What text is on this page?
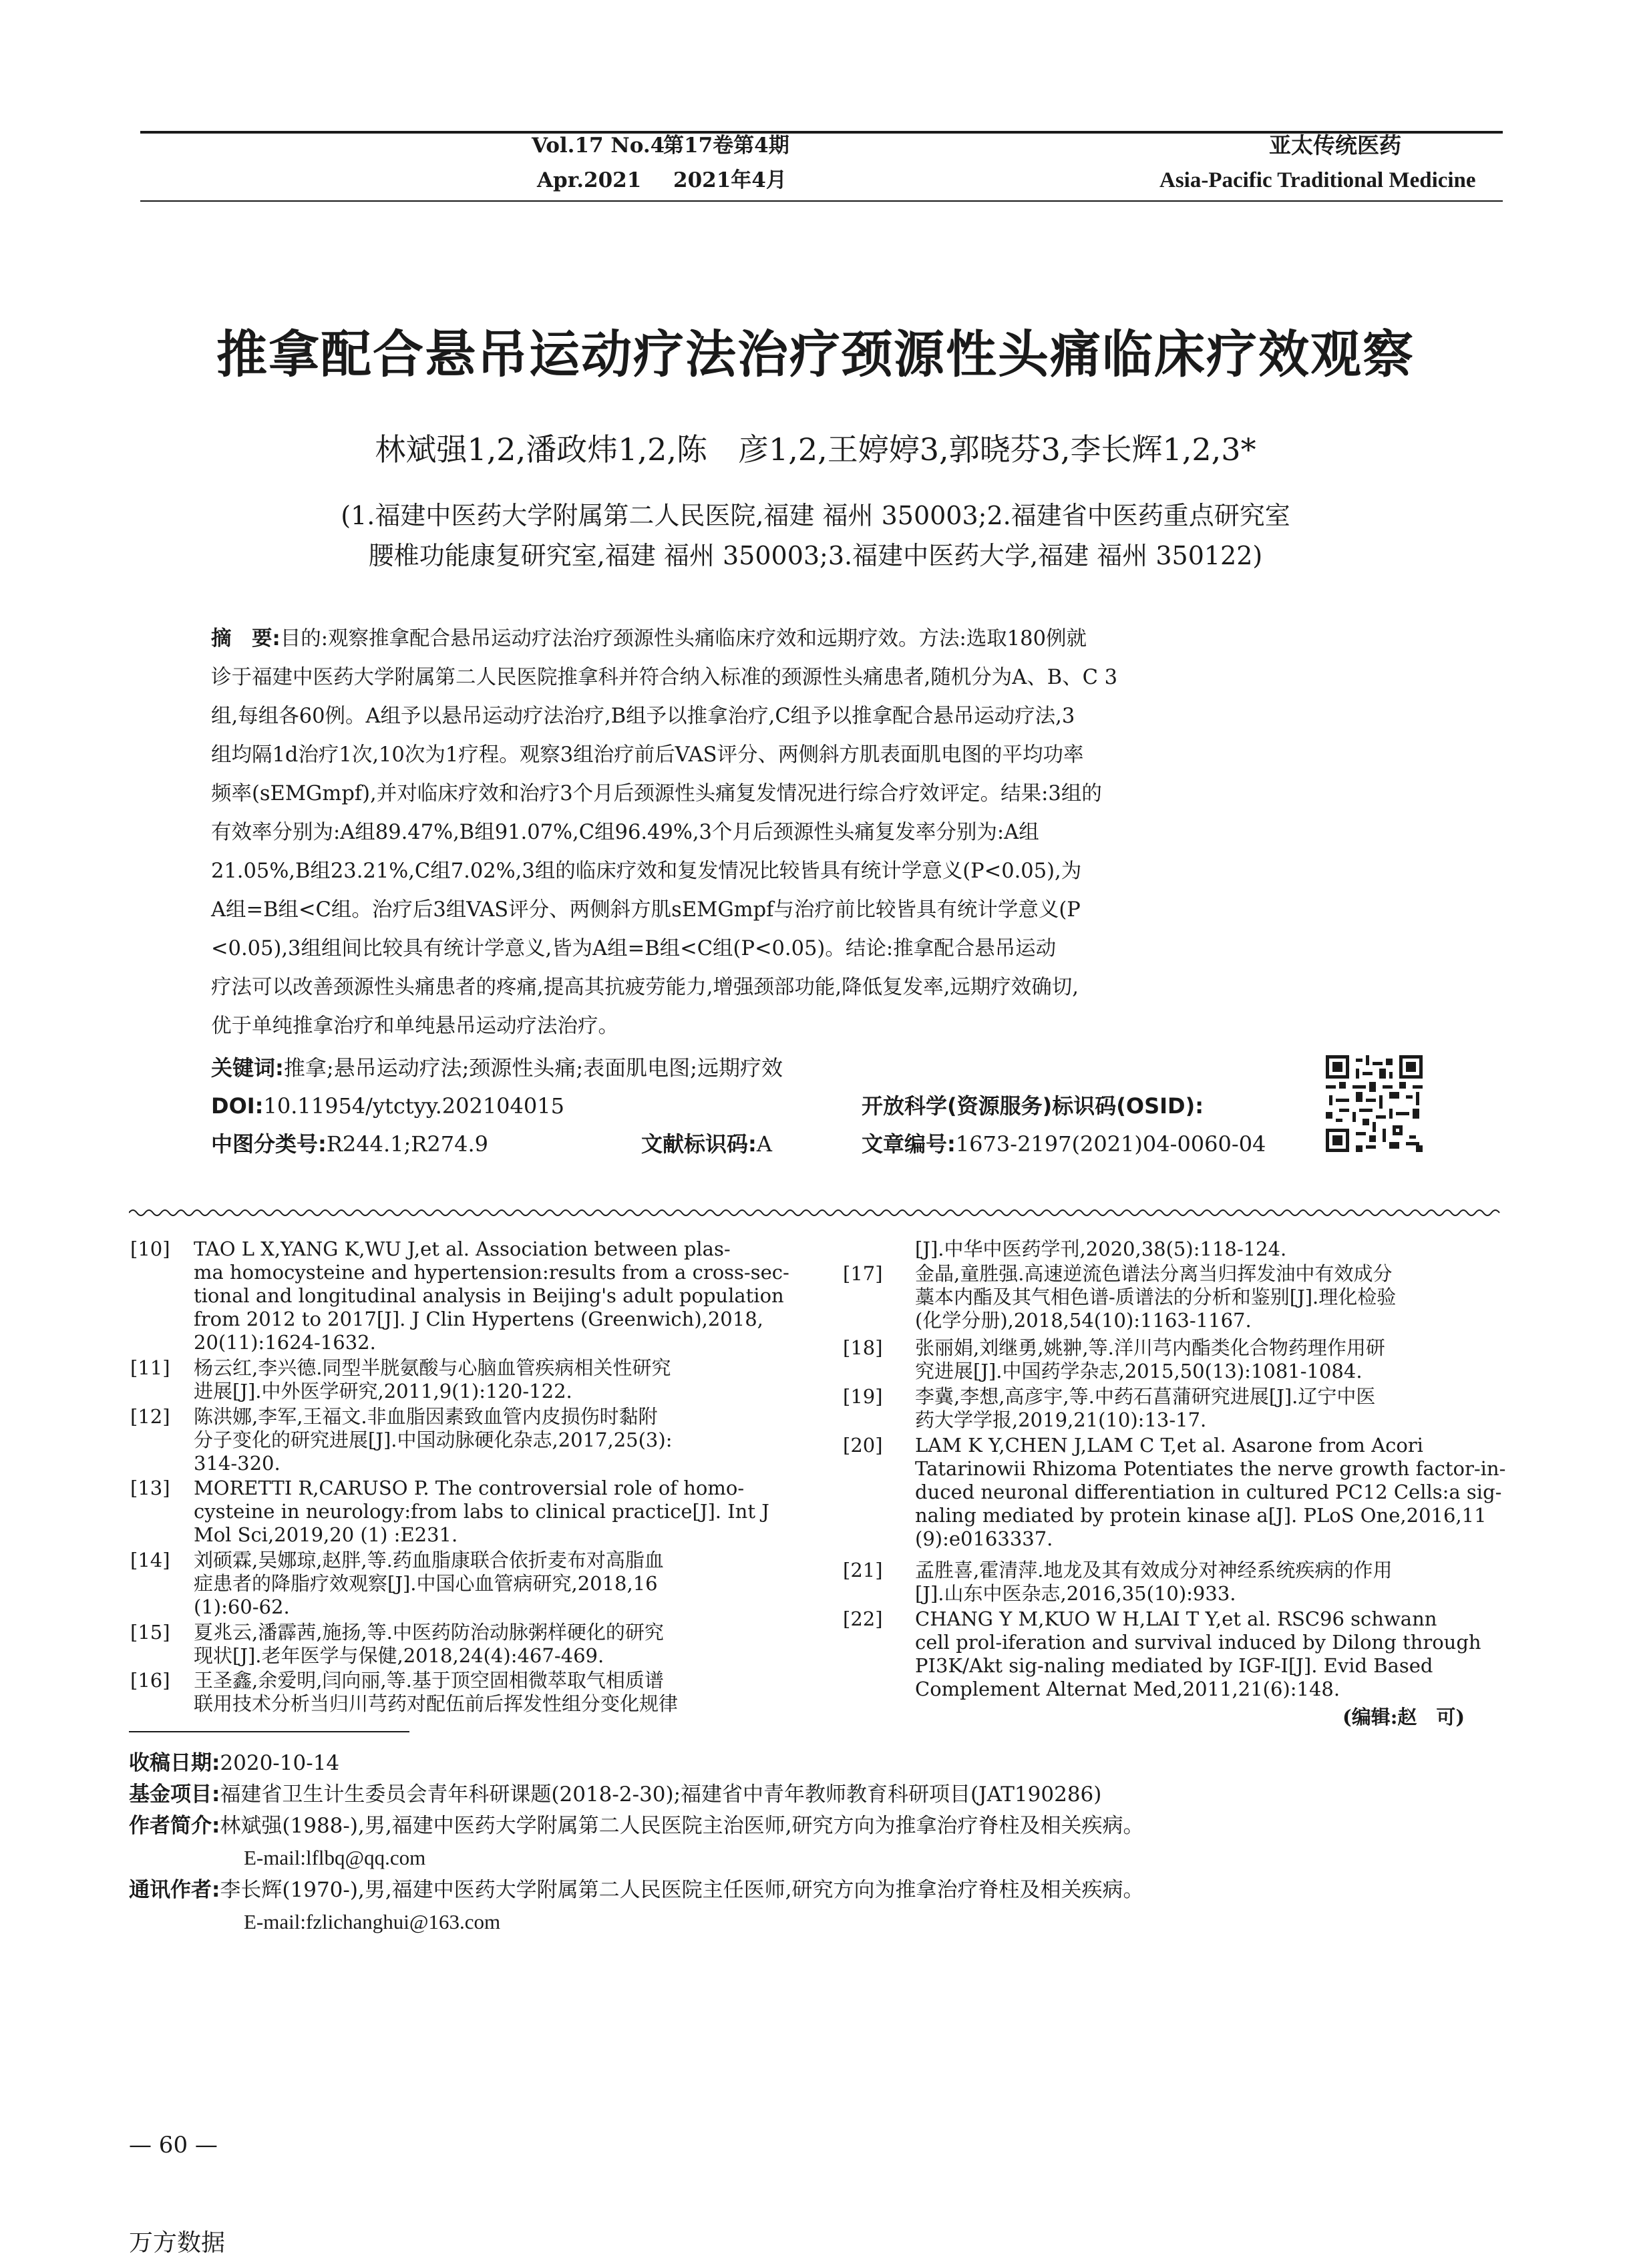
Vol.17 No.4
第17卷第4期
Apr.2021 2021年4月
亚太传统医药
Asia-Pacific Traditional Medicine
推拿配合悬吊运动疗法治疗颈源性头痛临床疗效观察
林斌强1,2,潘政炜1,2,陈　彦1,2,王婷婷3,郭晓芬3,李长辉1,2,3*
(1.福建中医药大学附属第二人民医院,福建 福州 350003;2.福建省中医药重点研究室
腰椎功能康复研究室,福建 福州 350003;3.福建中医药大学,福建 福州 350122)
摘　要:目的:观察推拿配合悬吊运动疗法治疗颈源性头痛临床疗效和远期疗效。方法:选取180例就
诊于福建中医药大学附属第二人民医院推拿科并符合纳入标准的颈源性头痛患者,随机分为A、B、C 3
组,每组各60例。A组予以悬吊运动疗法治疗,B组予以推拿治疗,C组予以推拿配合悬吊运动疗法,3
组均隔1d治疗1次,10次为1疗程。观察3组治疗前后VAS评分、两侧斜方肌表面肌电图的平均功率
频率(sEMGmpf),并对临床疗效和治疗3个月后颈源性头痛复发情况进行综合疗效评定。结果:3组的
有效率分别为:A组89.47%,B组91.07%,C组96.49%,3个月后颈源性头痛复发率分别为:A组
21.05%,B组23.21%,C组7.02%,3组的临床疗效和复发情况比较皆具有统计学意义(P<0.05),为
A组=B组<C组。治疗后3组VAS评分、两侧斜方肌sEMGmpf与治疗前比较皆具有统计学意义(P
<0.05),3组组间比较具有统计学意义,皆为A组=B组<C组(P<0.05)。结论:推拿配合悬吊运动
疗法可以改善颈源性头痛患者的疼痛,提高其抗疲劳能力,增强颈部功能,降低复发率,远期疗效确切,
优于单纯推拿治疗和单纯悬吊运动疗法治疗。
关键词:推拿;悬吊运动疗法;颈源性头痛;表面肌电图;远期疗效
DOI:10.11954/ytctyy.202104015	开放科学(资源服务)标识码(OSID):
中图分类号:R244.1;R274.9	文献标识码:A	文章编号:1673-2197(2021)04-0060-04
[10] TAO L X,YANG K,WU J,et al. Association between plas-
ma homocysteine and hypertension:results from a cross-sec-
tional and longitudinal analysis in Beijing's adult population
from 2012 to 2017[J]. J Clin Hypertens (Greenwich),2018,
20(11):1624-1632.
[11] 杨云红,李兴德.同型半胱氨酸与心脑血管疾病相关性研究
进展[J].中外医学研究,2011,9(1):120-122.
[12] 陈洪娜,李军,王福文.非血脂因素致血管内皮损伤时黏附
分子变化的研究进展[J].中国动脉硬化杂志,2017,25(3):
314-320.
[13] MORETTI R,CARUSO P. The controversial role of homo-
cysteine in neurology:from labs to clinical practice[J]. Int J
Mol Sci,2019,20 (1) :E231.
[14] 刘硕霖,吴娜琼,赵胖,等.药血脂康联合依折麦布对高脂血
症患者的降脂疗效观察[J].中国心血管病研究,2018,16
(1):60-62.
[15] 夏兆云,潘霹茜,施扬,等.中医药防治动脉粥样硬化的研究
现状[J].老年医学与保健,2018,24(4):467-469.
[16] 王圣鑫,余爱明,闫向丽,等.基于顶空固相微萃取气相质谱
联用技术分析当归川芎药对配伍前后挥发性组分变化规律
[J].中华中医药学刊,2020,38(5):118-124.
[17] 金晶,童胜强.高速逆流色谱法分离当归挥发油中有效成分
藁本内酯及其气相色谱-质谱法的分析和鉴别[J].理化检验
(化学分册),2018,54(10):1163-1167.
[18] 张丽娟,刘继勇,姚翀,等.洋川芎内酯类化合物药理作用研
究进展[J].中国药学杂志,2015,50(13):1081-1084.
[19] 李冀,李想,高彦宇,等.中药石菖蒲研究进展[J].辽宁中医
药大学学报,2019,21(10):13-17.
[20] LAM K Y,CHEN J,LAM C T,et al. Asarone from Acori
Tatarinowii Rhizoma Potentiates the nerve growth factor-in-
duced neuronal differentiation in cultured PC12 Cells:a sig-
naling mediated by protein kinase a[J]. PLoS One,2016,11
(9):e0163337.
[21] 孟胜喜,霍清萍.地龙及其有效成分对神经系统疾病的作用
[J].山东中医杂志,2016,35(10):933.
[22] CHANG Y M,KUO W H,LAI T Y,et al. RSC96 schwann
cell prol-iferation and survival induced by Dilong through
PI3K/Akt sig-naling mediated by IGF-I[J]. Evid Based
Complement Alternat Med,2011,21(6):148.
(编辑:赵　可)
收稿日期:2020-10-14
基金项目:福建省卫生计生委员会青年科研课题(2018-2-30);福建省中青年教师教育科研项目(JAT190286)
作者简介:林斌强(1988-),男,福建中医药大学附属第二人民医院主治医师,研究方向为推拿治疗脊柱及相关疾病。
E-mail:lflbq@qq.com
通讯作者:李长辉(1970-),男,福建中医药大学附属第二人民医院主任医师,研究方向为推拿治疗脊柱及相关疾病。
E-mail:fzlichanghui@163.com
— 60 —
万方数据
